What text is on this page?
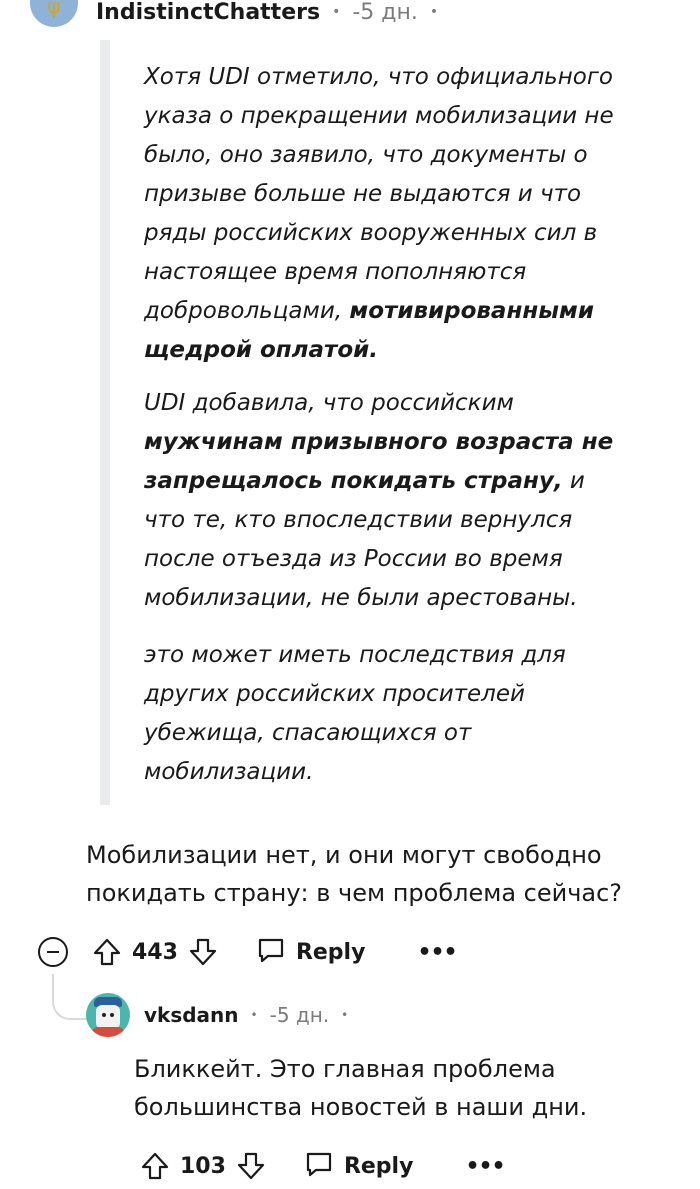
ψ IndistinctChatters • -5 дн. •

Хотя UDI отметило, что официального указа о прекращении мобилизации не было, оно заявило, что документы о призыве больше не выдаются и что ряды российских вооруженных сил в настоящее время пополняются добровольцами, мотивированными щедрой оплатой.

UDI добавила, что российским мужчинам призывного возраста не запрещалось покидать страну, и что те, кто впоследствии вернулся после отъезда из России во время мобилизации, не были арестованы.

это может иметь последствия для других российских просителей убежища, спасающихся от мобилизации.

Мобилизации нет, и они могут свободно покидать страну: в чем проблема сейчас?
443	Reply •••
vksdann • -5 дн. •
Бликкейт. Это главная проблема большинства новостей в наши дни.
103	Reply •••
